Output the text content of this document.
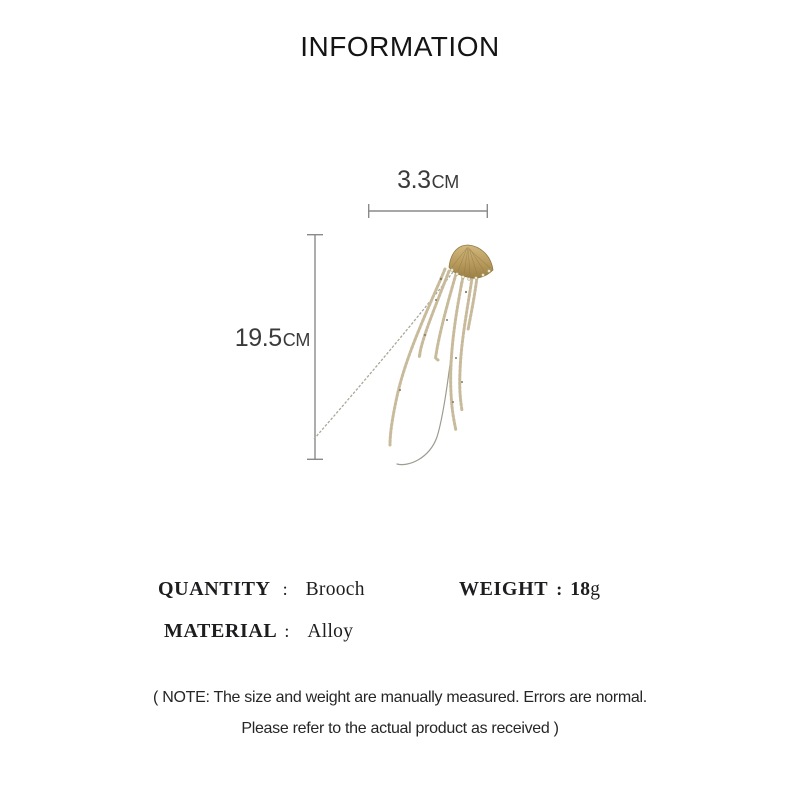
INFORMATION
3.3CM
19.5CM
QUANTITY : Brooch	WEIGHT : 18g
MATERIAL : Alloy

( NOTE: The size and weight are manually measured. Errors are normal.

Please refer to the actual product as received )
